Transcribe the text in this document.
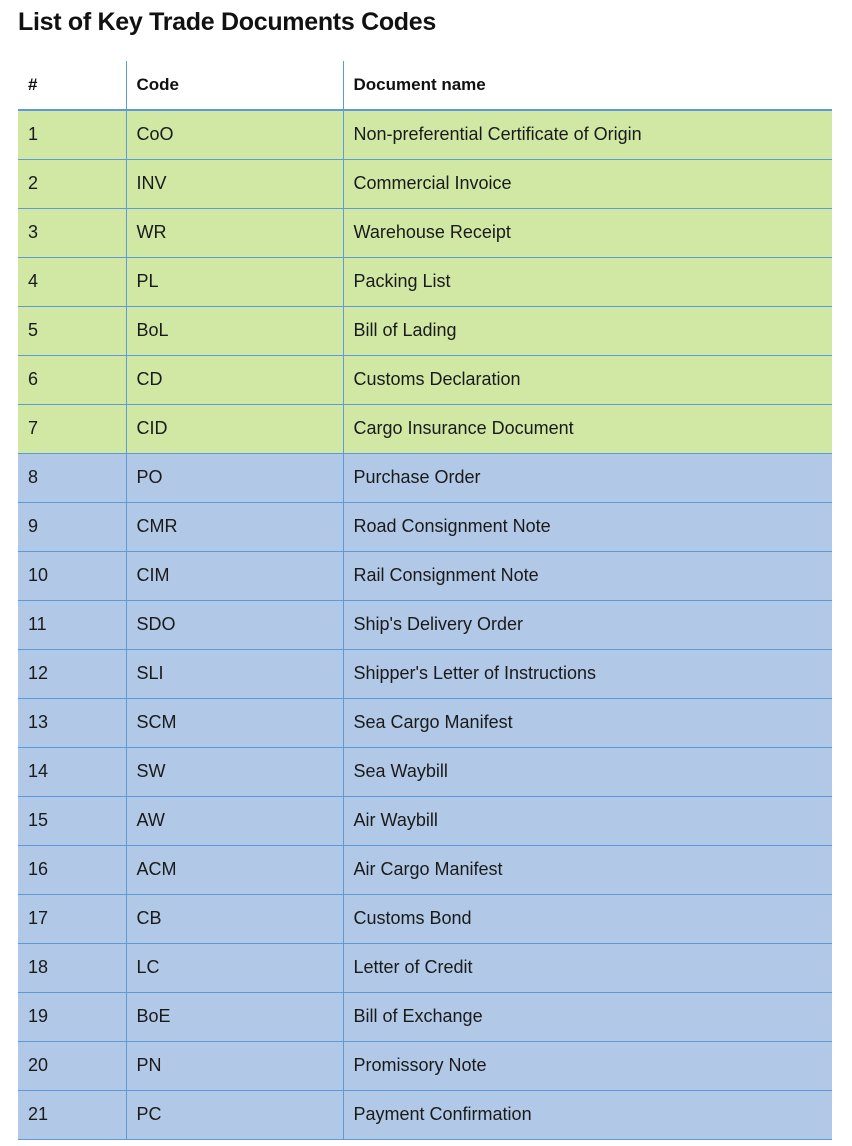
List of Key Trade Documents Codes
#	Code	Document name
1	CoO	Non-preferential Certificate of Origin
2	INV	Commercial Invoice
3	WR	Warehouse Receipt
4	PL	Packing List
5	BoL	Bill of Lading
6	CD	Customs Declaration
7	CID	Cargo Insurance Document
8	PO	Purchase Order
9	CMR	Road Consignment Note
10	CIM	Rail Consignment Note
11	SDO	Ship's Delivery Order
12	SLI	Shipper's Letter of Instructions
13	SCM	Sea Cargo Manifest
14	SW	Sea Waybill
15	AW	Air Waybill
16	ACM	Air Cargo Manifest
17	CB	Customs Bond
18	LC	Letter of Credit
19	BoE	Bill of Exchange
20	PN	Promissory Note
21	PC	Payment Confirmation
